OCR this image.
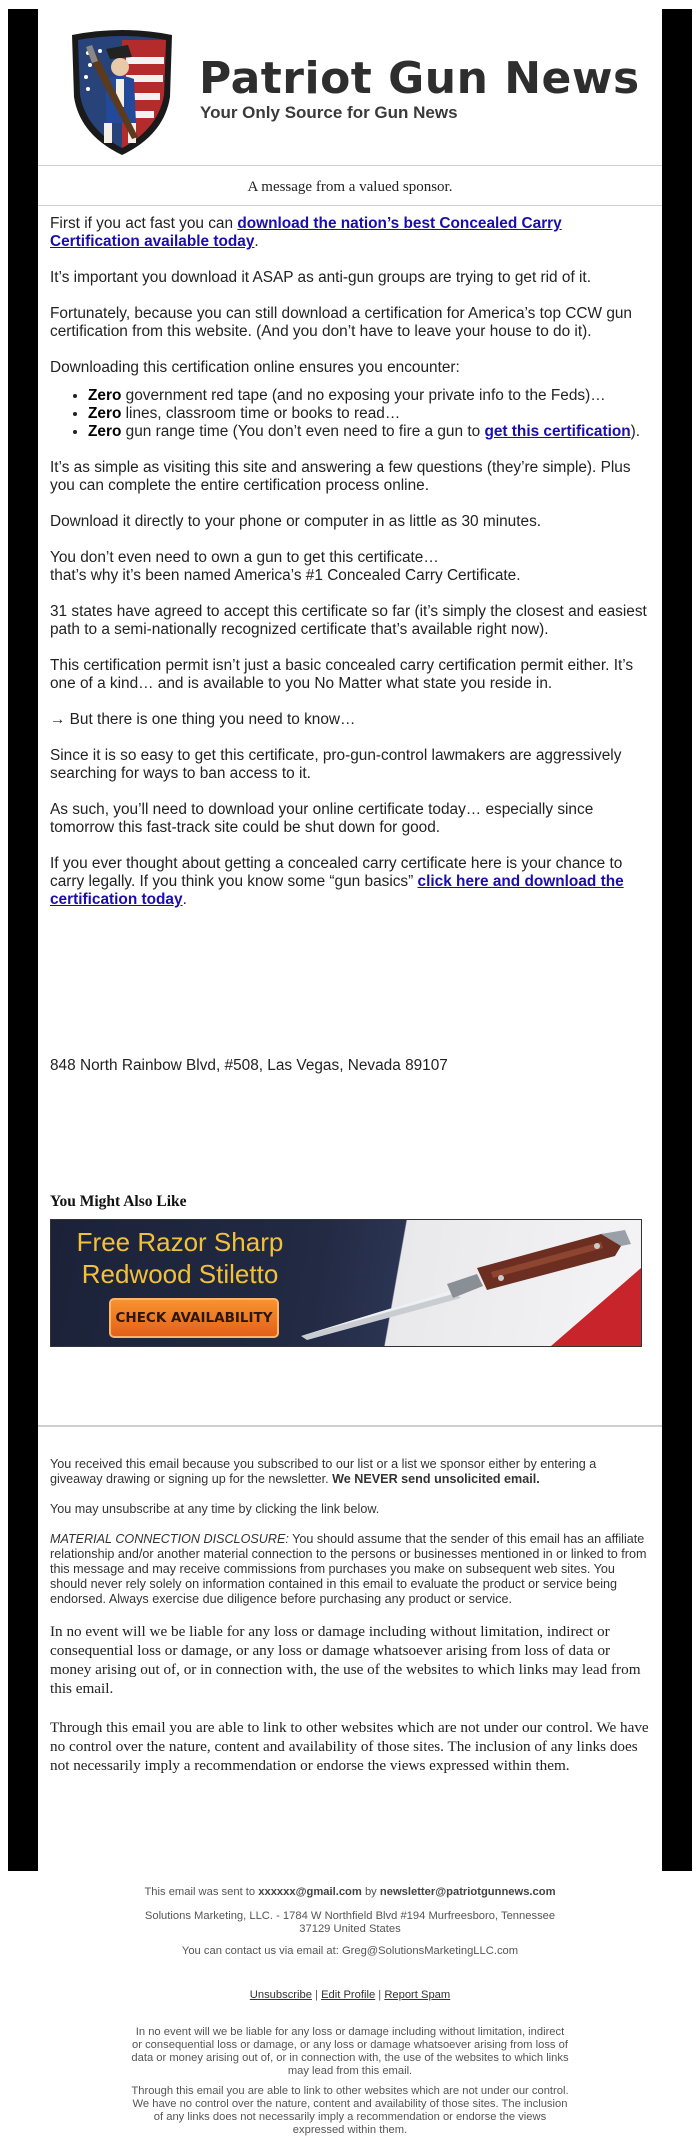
Patriot Gun News
Your Only Source for Gun News
A message from a valued sponsor.

First if you act fast you can download the nation’s best Concealed Carry Certification available today.

It’s important you download it ASAP as anti-gun groups are trying to get rid of it.

Fortunately, because you can still download a certification for America’s top CCW gun certification from this website. (And you don’t have to leave your house to do it).

Downloading this certification online ensures you encounter:

• Zero government red tape (and no exposing your private info to the Feds)…
• Zero lines, classroom time or books to read…
• Zero gun range time (You don’t even need to fire a gun to get this certification).

It’s as simple as visiting this site and answering a few questions (they’re simple). Plus you can complete the entire certification process online.

Download it directly to your phone or computer in as little as 30 minutes.

You don’t even need to own a gun to get this certificate…
that’s why it’s been named America’s #1 Concealed Carry Certificate.

31 states have agreed to accept this certificate so far (it’s simply the closest and easiest path to a semi-nationally recognized certificate that’s available right now).

This certification permit isn’t just a basic concealed carry certification permit either. It’s one of a kind… and is available to you No Matter what state you reside in.

→ But there is one thing you need to know…

Since it is so easy to get this certificate, pro-gun-control lawmakers are aggressively searching for ways to ban access to it.

As such, you’ll need to download your online certificate today… especially since tomorrow this fast-track site could be shut down for good.

If you ever thought about getting a concealed carry certificate here is your chance to carry legally. If you think you know some “gun basics” click here and download the certification today.

848 North Rainbow Blvd, #508, Las Vegas, Nevada 89107
You Might Also Like
Free Razor Sharp
Redwood Stiletto
CHECK AVAILABILITY

You received this email because you subscribed to our list or a list we sponsor either by entering a giveaway drawing or signing up for the newsletter. We NEVER send unsolicited email.

You may unsubscribe at any time by clicking the link below.

MATERIAL CONNECTION DISCLOSURE: You should assume that the sender of this email has an affiliate relationship and/or another material connection to the persons or businesses mentioned in or linked to from this message and may receive commissions from purchases you make on subsequent web sites. You should never rely solely on information contained in this email to evaluate the product or service being endorsed. Always exercise due diligence before purchasing any product or service.

In no event will we be liable for any loss or damage including without limitation, indirect or consequential loss or damage, or any loss or damage whatsoever arising from loss of data or money arising out of, or in connection with, the use of the websites to which links may lead from this email.

Through this email you are able to link to other websites which are not under our control. We have no control over the nature, content and availability of those sites. The inclusion of any links does not necessarily imply a recommendation or endorse the views expressed within them.

This email was sent to xxxxxx@gmail.com by newsletter@patriotgunnews.com
Solutions Marketing, LLC. - 1784 W Northfield Blvd #194 Murfreesboro, Tennessee 37129 United States
You can contact us via email at: Greg@SolutionsMarketingLLC.com
Unsubscribe | Edit Profile | Report Spam
In no event will we be liable for any loss or damage including without limitation, indirect or consequential loss or damage, or any loss or damage whatsoever arising from loss of data or money arising out of, or in connection with, the use of the websites to which links may lead from this email.
Through this email you are able to link to other websites which are not under our control. We have no control over the nature, content and availability of those sites. The inclusion of any links does not necessarily imply a recommendation or endorse the views expressed within them.
